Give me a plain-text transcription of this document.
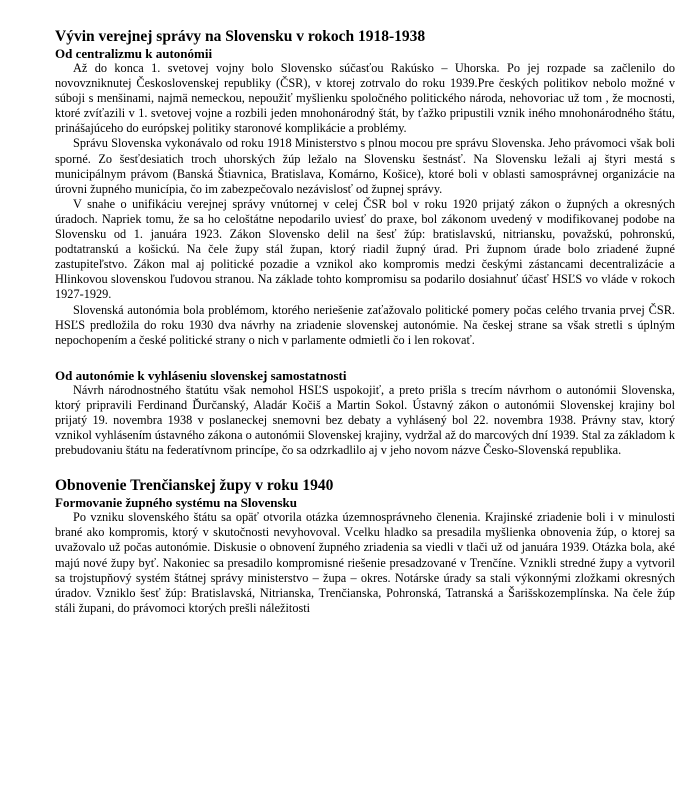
Vývin verejnej správy na Slovensku v rokoch 1918-1938
Od centralizmu k autonómii

Až do konca 1. svetovej vojny bolo Slovensko súčasťou Rakúsko – Uhorska. Po jej rozpade sa začlenilo do novovzniknutej Československej republiky (ČSR), v ktorej zotrvalo do roku 1939.Pre českých politikov nebolo možné v súboji s menšinami, najmä nemeckou, nepoužiť myšlienku spoločného politického národa, nehovoriac už tom , že mocnosti, ktoré zvíťazili v 1. svetovej vojne a rozbili jeden mnohonárodný štát, by ťažko pripustili vznik iného mnohonárodného štátu, prinášajúceho do európskej politiky staronové komplikácie a problémy.

Správu Slovenska vykonávalo od roku 1918 Ministerstvo s plnou mocou pre správu Slovenska. Jeho právomoci však boli sporné. Zo šesťdesiatich troch uhorských žúp ležalo na Slovensku šestnásť. Na Slovensku ležali aj štyri mestá s municipálnym právom (Banská Štiavnica, Bratislava, Komárno, Košice), ktoré boli v oblasti samosprávnej organizácie na úrovni župného municípia, čo im zabezpečovalo nezávislosť od župnej správy.

V snahe o unifikáciu verejnej správy vnútornej v celej ČSR bol v roku 1920 prijatý zákon o župných a okresných úradoch. Napriek tomu, že sa ho celoštátne nepodarilo uviesť do praxe, bol zákonom uvedený v modifikovanej podobe na Slovensku od 1. januára 1923. Zákon Slovensko delil na šesť žúp: bratislavskú, nitriansku, považskú, pohronskú, podtatranskú a košickú. Na čele župy stál župan, ktorý riadil župný úrad. Pri župnom úrade bolo zriadené župné zastupiteľstvo. Zákon mal aj politické pozadie a vznikol ako kompromis medzi českými zástancami decentralizácie a Hlinkovou slovenskou ľudovou stranou. Na základe tohto kompromisu sa podarilo dosiahnuť účasť HSĽS vo vláde v rokoch 1927-1929.

Slovenská autonómia bola problémom, ktorého neriešenie zaťažovalo politické pomery počas celého trvania prvej ČSR. HSĽS predložila do roku 1930 dva návrhy na zriadenie slovenskej autonómie. Na českej strane sa však stretli s úplným nepochopením a české politické strany o nich v parlamente odmietli čo i len rokovať.

Od autonómie k vyhláseniu slovenskej samostatnosti

Návrh národnostného štatútu však nemohol HSĽS uspokojiť, a preto prišla s trecím návrhom o autonómii Slovenska, ktorý pripravili Ferdinand Ďurčanský, Aladár Kočiš a Martin Sokol. Ústavný zákon o autonómii Slovenskej krajiny bol prijatý 19. novembra 1938 v poslaneckej snemovni bez debaty a vyhlásený bol 22. novembra 1938. Právny stav, ktorý vznikol vyhlásením ústavného zákona o autonómii Slovenskej krajiny, vydržal až do marcových dní 1939. Stal za základom k prebudovaniu štátu na federatívnom princípe, čo sa odzrkadlilo aj v jeho novom názve Česko-Slovenská republika.

Obnovenie Trenčianskej župy v roku 1940
Formovanie župného systému na Slovensku

Po vzniku slovenského štátu sa opäť otvorila otázka územnosprávneho členenia. Krajinské zriadenie boli i v minulosti brané ako kompromis, ktorý v skutočnosti nevyhovoval. Vcelku hladko sa presadila myšlienka obnovenia žúp, o ktorej sa uvažovalo už počas autonómie. Diskusie o obnovení župného zriadenia sa viedli v tlači už od januára 1939. Otázka bola, aké majú nové župy byť. Nakoniec sa presadilo kompromisné riešenie presadzované v Trenčíne. Vznikli stredné župy a vytvoril sa trojstupňový systém štátnej správy ministerstvo – župa – okres. Notárske úrady sa stali výkonnými zložkami okresných úradov. Vzniklo šesť žúp: Bratislavská, Nitrianska, Trenčianska, Pohronská, Tatranská a Šarišskozemplínska. Na čele žúp stáli župani, do právomoci ktorých prešli náležitosti
